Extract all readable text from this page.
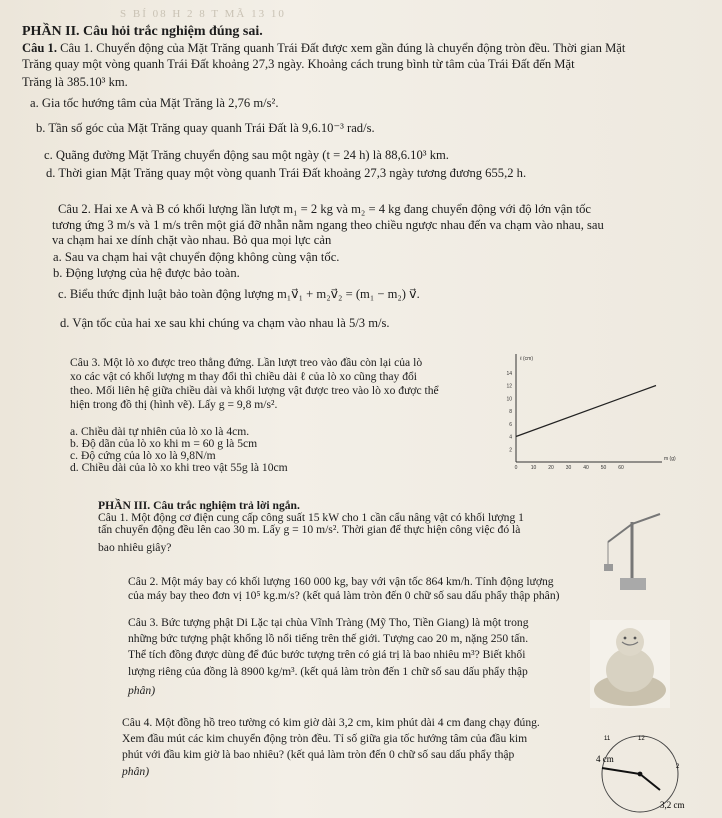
S BÍ 08 H 2 8 T MÃ 13 10
PHẦN II. Câu hỏi trắc nghiệm đúng sai.
Câu 1. Câu 1. Chuyển động của Mặt Trăng quanh Trái Đất được xem gần đúng là chuyển động tròn đều. Thời gian Mặt
Trăng quay một vòng quanh Trái Đất khoảng 27,3 ngày. Khoảng cách trung bình từ tâm của Trái Đất đến Mặt
Trăng là 385.10³ km.
a. Gia tốc hướng tâm của Mặt Trăng là 2,76 m/s².
b. Tần số góc của Mặt Trăng quay quanh Trái Đất là 9,6.10⁻³ rad/s.
c. Quãng đường Mặt Trăng chuyển động sau một ngày (t = 24 h) là 88,6.10³ km.
d. Thời gian Mặt Trăng quay một vòng quanh Trái Đất khoảng 27,3 ngày tương đương 655,2 h.
Câu 2. Hai xe A và B có khối lượng lần lượt m₁ = 2 kg và m₂ = 4 kg đang chuyển động với độ lớn vận tốc
tương ứng 3 m/s và 1 m/s trên một giá đỡ nhẵn nằm ngang theo chiều ngược nhau đến va chạm vào nhau, sau
va chạm hai xe dính chặt vào nhau. Bỏ qua mọi lực cản
a. Sau va chạm hai vật chuyển động không cùng vận tốc.
b. Động lượng của hệ được bảo toàn.
c. Biểu thức định luật bảo toàn động lượng m₁v⃗₁ + m₂v⃗₂ = (m₁ − m₂) v⃗.
d. Vận tốc của hai xe sau khi chúng va chạm vào nhau là 5/3 m/s.
Câu 3. Một lò xo được treo thẳng đứng. Lần lượt treo vào đầu còn lại của lò
xo các vật có khối lượng m thay đổi thì chiều dài ℓ của lò xo cũng thay đổi
theo. Mối liên hệ giữa chiều dài và khối lượng vật được treo vào lò xo được thể
hiện trong đồ thị (hình vẽ). Lấy g = 9,8 m/s².
a. Chiều dài tự nhiên của lò xo là 4cm.
b. Độ dãn của lò xo khi m = 60 g là 5cm
c. Độ cứng của lò xo là 9,8N/m
d. Chiều dài của lò xo khi treo vật 55g là 10cm
14
12
10
8
6
4
2
0	10 20 30 40 50 60
ℓ (cm)
m (g)
PHẦN III. Câu trắc nghiệm trả lời ngắn.
Câu 1. Một động cơ điện cung cấp công suất 15 kW cho 1 cần cẩu nâng vật có khối lượng 1
tấn chuyển động đều lên cao 30 m. Lấy g = 10 m/s². Thời gian để thực hiện công việc đó là
bao nhiêu giây?
Câu 2. Một máy bay có khối lượng 160 000 kg, bay với vận tốc 864 km/h. Tính động lượng
của máy bay theo đơn vị 10⁵ kg.m/s? (kết quả làm tròn đến 0 chữ số sau dấu phẩy thập phân)
Câu 3. Bức tượng phật Di Lặc tại chùa Vĩnh Tràng (Mỹ Tho, Tiền Giang) là một trong
những bức tượng phật khổng lồ nổi tiếng trên thế giới. Tượng cao 20 m, nặng 250 tấn.
Thể tích đồng được dùng để đúc bước tượng trên có giá trị là bao nhiêu m³? Biết khối
lượng riêng của đồng là 8900 kg/m³. (kết quả làm tròn đến 1 chữ số sau dấu phẩy thập
phân)
Câu 4. Một đồng hồ treo tường có kim giờ dài 3,2 cm, kim phút dài 4 cm đang chạy đúng.
Xem đầu mút các kim chuyển động tròn đều. Tỉ số giữa gia tốc hướng tâm của đầu kim
phút với đầu kim giờ là bao nhiêu? (kết quả làm tròn đến 0 chữ số sau dấu phẩy thập
phân)
12
2
11
4 cm
3,2 cm
